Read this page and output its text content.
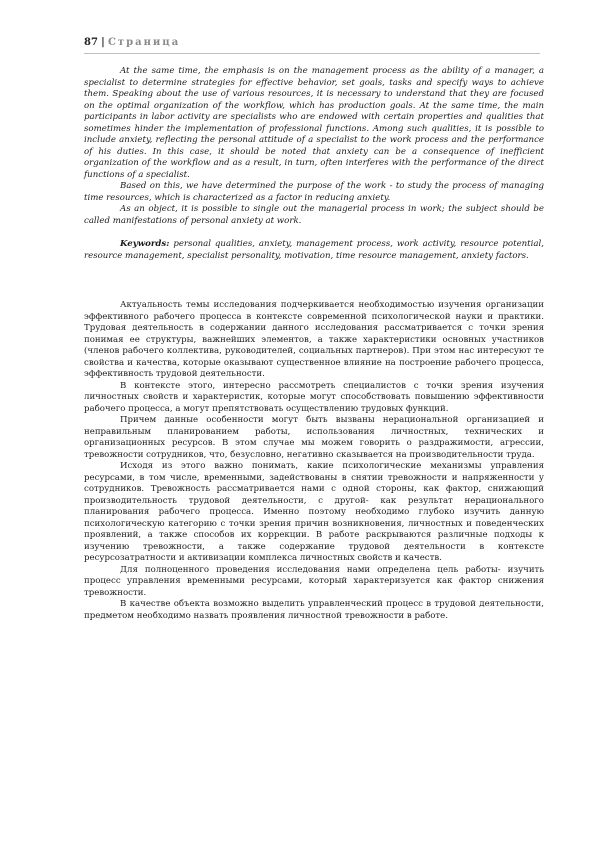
87 | Страница

At the same time, the emphasis is on the management process as the ability of a manager, a specialist to determine strategies for effective behavior, set goals, tasks and specify ways to achieve them. Speaking about the use of various resources, it is necessary to understand that they are focused on the optimal organization of the workflow, which has production goals. At the same time, the main participants in labor activity are specialists who are endowed with certain properties and qualities that sometimes hinder the implementation of professional functions. Among such qualities, it is possible to include anxiety, reflecting the personal attitude of a specialist to the work process and the performance of his duties. In this case, it should be noted that anxiety can be a consequence of inefficient organization of the workflow and as a result, in turn, often interferes with the performance of the direct functions of a specialist.

Based on this, we have determined the purpose of the work - to study the process of managing time resources, which is characterized as a factor in reducing anxiety.

As an object, it is possible to single out the managerial process in work; the subject should be called manifestations of personal anxiety at work.

Keywords: personal qualities, anxiety, management process, work activity, resource potential, resource management, specialist personality, motivation, time resource management, anxiety factors.

Актуальность темы исследования подчеркивается необходимостью изучения организации эффективного рабочего процесса в контексте современной психологической науки и практики. Трудовая деятельность в содержании данного исследования рассматривается с точки зрения понимая ее структуры, важнейших элементов, а также характеристики основных участников (членов рабочего коллектива, руководителей, социальных партнеров). При этом нас интересуют те свойства и качества, которые оказывают существенное влияние на построение рабочего процесса, эффективность трудовой деятельности.

В контексте этого, интересно рассмотреть специалистов с точки зрения изучения личностных свойств и характеристик, которые могут способствовать повышению эффективности рабочего процесса, а могут препятствовать осуществлению трудовых функций.

Причем данные особенности могут быть вызваны нерациональной организацией и неправильным планированием работы, использования личностных, технических и организационных ресурсов. В этом случае мы можем говорить о раздражимости, агрессии, тревожности сотрудников, что, безусловно, негативно сказывается на производительности труда.

Исходя из этого важно понимать, какие психологические механизмы управления ресурсами, в том числе, временными, задействованы в снятии тревожности и напряженности у сотрудников. Тревожность рассматривается нами с одной стороны, как фактор, снижающий производительность трудовой деятельности, с другой- как результат нерационального планирования рабочего процесса. Именно поэтому необходимо глубоко изучить данную психологическую категорию с точки зрения причин возникновения, личностных и поведенческих проявлений, а также способов их коррекции. В работе раскрываются различные подходы к изучению тревожности, а также содержание трудовой деятельности в контексте ресурсозатратности и активизации комплекса личностных свойств и качеств.

Для полноценного проведения исследования нами определена цель работы- изучить процесс управления временными ресурсами, который характеризуется как фактор снижения тревожности.

В качестве объекта возможно выделить управленческий процесс в трудовой деятельности, предметом необходимо назвать проявления личностной тревожности в работе.
